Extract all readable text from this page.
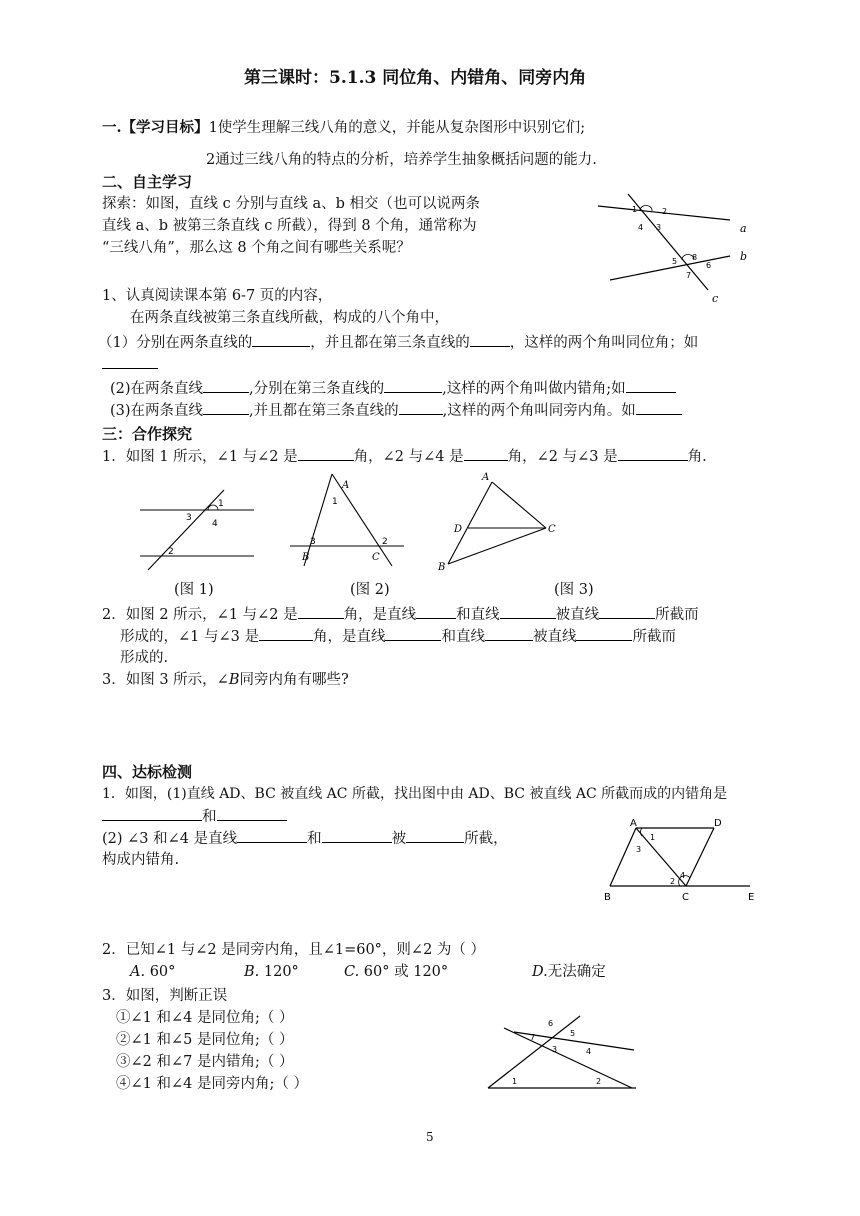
第三课时：5.1.3 同位角、内错角、同旁内角
一.【学习目标】1使学生理解三线八角的意义，并能从复杂图形中识别它们;
2通过三线八角的特点的分析，培养学生抽象概括问题的能力.
二、自主学习
探索：如图，直线 c 分别与直线 a、b 相交（也可以说两条
直线 a、b 被第三条直线 c 所截），得到 8 个角，通常称为
“三线八角”，那么这 8 个角之间有哪些关系呢？
1	2
3
4
5	6
7
8
a
b
c
1、认真阅读课本第 6-7 页的内容，
在两条直线被第三条直线所截，构成的八个角中，
（1）分别在两条直线的	，并且都在第三条直线的	，这样的两个角叫同位角；如
(2)在两条直线	,分别在第三条直线的	,这样的两个角叫做内错角;如
(3)在两条直线	,并且都在第三条直线的	,这样的两个角叫同旁内角。如
三：合作探究
1．如图 1 所示，∠1 与∠2 是	角，∠2 与∠4 是	角，∠2 与∠3 是	角.
1
3
4
2
A
1
3
B
2
C
A
D	C
B
(图 1)	(图 2)	(图 3)
2．如图 2 所示，∠1 与∠2 是	角，是直线	和直线	被直线	所截而
形成的，∠1 与∠3 是	角，是直线	和直线	被直线	所截而
形成的.
3．如图 3 所示，∠B同旁内角有哪些?
四、达标检测
1．如图，(1)直线 AD、BC 被直线 AC 所截，找出图中由 AD、BC 被直线 AC 所截而成的内错角是
和
(2) ∠3 和∠4 是直线	和	被	所截，
构成内错角.
A	D
1
3
2
4
B	C	E
2．已知∠1 与∠2 是同旁内角，且∠1=60°，则∠2 为（ ）
A. 60°	B. 120°	C. 60° 或 120°	D.无法确定
3．如图，判断正误
①∠1 和∠4 是同位角;（ ）
②∠1 和∠5 是同位角;（ ）
③∠2 和∠7 是内错角;（ ）
④∠1 和∠4 是同旁内角;（ ）
6
5
7
3	4
1	2
5
